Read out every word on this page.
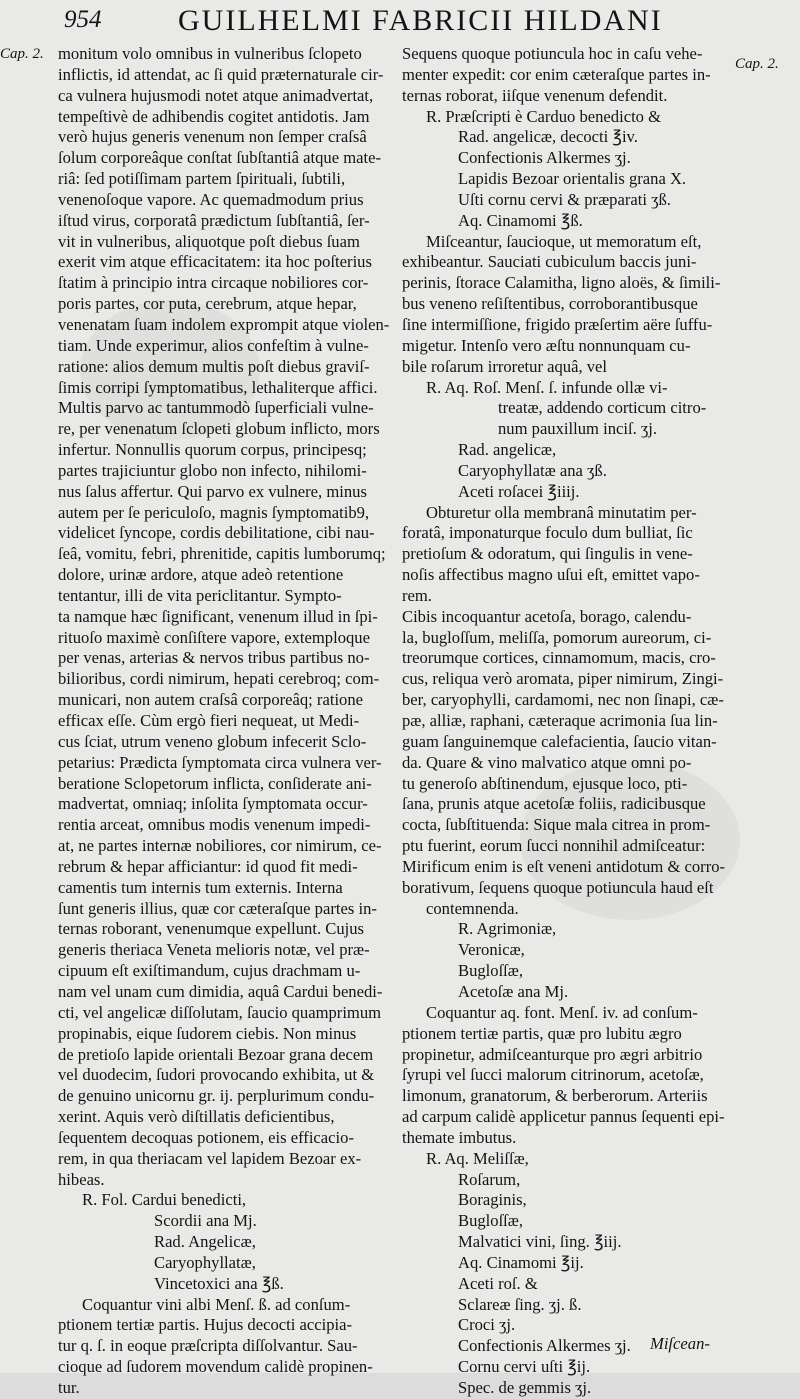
954	GUILHELMI FABRICII HILDANI
Cap. 2.
Cap. 2.
monitum volo omnibus in vulneribus ſclopeto
inflictis, id attendat, ac ſi quid præternaturale cir-
ca vulnera hujusmodi notet atque animadvertat,
tempeſtivè de adhibendis cogitet antidotis. Jam
verò hujus generis venenum non ſemper craſsâ
ſolum corporeâque conſtat ſubſtantiâ atque mate-
riâ: ſed potiſſimam partem ſpirituali, ſubtili,
venenoſoque vapore. Ac quemadmodum prius
iſtud virus, corporatâ prædictum ſubſtantiâ, ſer-
vit in vulneribus, aliquotque poſt diebus ſuam
exerit vim atque efficacitatem: ita hoc poſterius
ſtatim à principio intra circaque nobiliores cor-
poris partes, cor puta, cerebrum, atque hepar,
venenatam ſuam indolem exprompit atque violen-
tiam. Unde experimur, alios confeſtim à vulne-
ratione: alios demum multis poſt diebus graviſ-
ſimis corripi ſymptomatibus, lethaliterque affici.
Multis parvo ac tantummodò ſuperficiali vulne-
re, per venenatum ſclopeti globum inflicto, mors
infertur. Nonnullis quorum corpus, principesq;
partes trajiciuntur globo non infecto, nihilomi-
nus ſalus affertur. Qui parvo ex vulnere, minus
autem per ſe periculoſo, magnis ſymptomatib9,
videlicet ſyncope, cordis debilitatione, cibi nau-
ſeâ, vomitu, febri, phrenitide, capitis lumborumq;
dolore, urinæ ardore, atque adeò retentione
tentantur, illi de vita periclitantur. Sympto-
ta namque hæc ſignificant, venenum illud in ſpi-
rituoſo maximè conſiſtere vapore, extemploque
per venas, arterias & nervos tribus partibus no-
bilioribus, cordi nimirum, hepati cerebroq; com-
municari, non autem craſsâ corporeâq; ratione
efficax eſſe. Cùm ergò fieri nequeat, ut Medi-
cus ſciat, utrum veneno globum infecerit Sclo-
petarius: Prædicta ſymptomata circa vulnera ver-
beratione Sclopetorum inflicta, conſiderate ani-
madvertat, omniaq; inſolita ſymptomata occur-
rentia arceat, omnibus modis venenum impedi-
at, ne partes internæ nobiliores, cor nimirum, ce-
rebrum & hepar afficiantur: id quod fit medi-
camentis tum internis tum externis. Interna
ſunt generis illius, quæ cor cæteraſque partes in-
ternas roborant, venenumque expellunt. Cujus
generis theriaca Veneta melioris notæ, vel præ-
cipuum eſt exiſtimandum, cujus drachmam u-
nam vel unam cum dimidia, aquâ Cardui benedi-
cti, vel angelicæ diſſolutam, ſaucio quamprimum
propinabis, eique ſudorem ciebis. Non minus
de pretioſo lapide orientali Bezoar grana decem
vel duodecim, ſudori provocando exhibita, ut &
de genuino unicornu gr. ij. perplurimum condu-
xerint. Aquis verò diſtillatis deficientibus,
ſequentem decoquas potionem, eis efficacio-
rem, in qua theriacam vel lapidem Bezoar ex-
hibeas.
R. Fol. Cardui benedicti,
Scordii ana Mj.
Rad. Angelicæ,
Caryophyllatæ,
Vincetoxici ana ℥ß.
Coquantur vini albi Menſ. ß. ad conſum-
ptionem tertiæ partis. Hujus decocti accipia-
tur q. ſ. in eoque præſcripta diſſolvantur. Sau-
cioque ad ſudorem movendum calidè propinen-
tur.
Sequens quoque potiuncula hoc in caſu vehe-
menter expedit: cor enim cæteraſque partes in-
ternas roborat, iiſque venenum defendit.
R. Præſcripti è Carduo benedicto &
Rad. angelicæ, decocti ℥iv.
Confectionis Alkermes ʒj.
Lapidis Bezoar orientalis grana X.
Uſti cornu cervi & præparati ʒß.
Aq. Cinamomi ℥ß.
Miſceantur, ſaucioque, ut memoratum eſt,
exhibeantur. Sauciati cubiculum baccis juni-
perinis, ſtorace Calamitha, ligno aloës, & ſimili-
bus veneno reſiſtentibus, corroborantibusque
ſine intermiſſione, frigido præſertim aëre ſuffu-
migetur. Intenſo vero æſtu nonnunquam cu-
bile roſarum irroretur aquâ, vel
R. Aq. Roſ. Menſ. ſ. infunde ollæ vi-
treatæ, addendo corticum citro-
num pauxillum inciſ. ʒj.
Rad. angelicæ,
Caryophyllatæ ana ʒß.
Aceti roſacei ℥iiij.
Obturetur olla membranâ minutatim per-
foratâ, imponaturque foculo dum bulliat, ſic
pretioſum & odoratum, qui ſingulis in vene-
noſis affectibus magno uſui eſt, emittet vapo-
rem.
Cibis incoquantur acetoſa, borago, calendu-
la, bugloſſum, meliſſa, pomorum aureorum, ci-
treorumque cortices, cinnamomum, macis, cro-
cus, reliqua verò aromata, piper nimirum, Zingi-
ber, caryophylli, cardamomi, nec non ſinapi, cæ-
pæ, alliæ, raphani, cæteraque acrimonia ſua lin-
guam ſanguinemque calefacientia, ſaucio vitan-
da. Quare & vino malvatico atque omni po-
tu generoſo abſtinendum, ejusque loco, pti-
ſana, prunis atque acetoſæ foliis, radicibusque
cocta, ſubſtituenda: Sique mala citrea in prom-
ptu fuerint, eorum ſucci nonnihil admiſceatur:
Mirificum enim is eſt veneni antidotum & corro-
borativum, ſequens quoque potiuncula haud eſt
contemnenda.
R. Agrimoniæ,
Veronicæ,
Bugloſſæ,
Acetoſæ ana Mj.
Coquantur aq. font. Menſ. iv. ad conſum-
ptionem tertiæ partis, quæ pro lubitu ægro
propinetur, admiſceanturque pro ægri arbitrio
ſyrupi vel ſucci malorum citrinorum, acetoſæ,
limonum, granatorum, & berberorum. Arteriis
ad carpum calidè applicetur pannus ſequenti epi-
themate imbutus.
R. Aq. Meliſſæ,
Roſarum,
Boraginis,
Bugloſſæ,
Malvatici vini, ſing. ℥iij.
Aq. Cinamomi ℥ij.
Aceti roſ. &
Sclareæ ſing. ʒj. ß.
Croci ʒj.
Confectionis Alkermes ʒj.
Cornu cervi uſti ℥ij.
Spec. de gemmis ʒj.
Miſcean-
